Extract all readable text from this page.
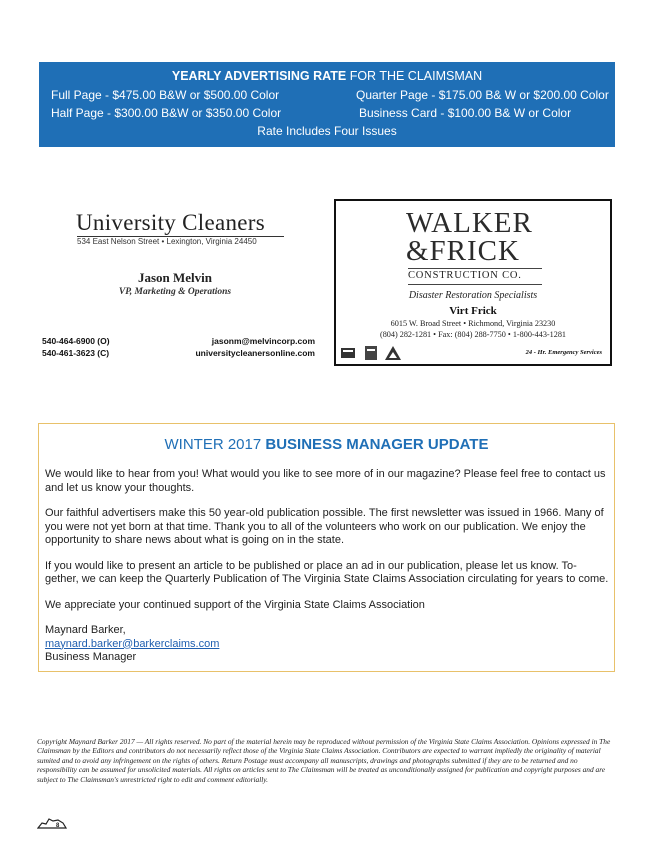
YEARLY ADVERTISING RATE FOR THE CLAIMSMAN
Full Page - $475.00 B&W or $500.00 Color	Quarter Page - $175.00 B& W or $200.00 Color
Half Page - $300.00 B&W or $350.00 Color	Business Card - $100.00 B& W or Color
Rate Includes Four Issues
University Cleaners
534 East Nelson Street • Lexington, Virginia 24450
Jason Melvin
VP, Marketing & Operations
540-464-6900 (O)
540-461-3623 (C)
jasonm@melvincorp.com
universitycleanersonline.com
WALKER
&FRICK
CONSTRUCTION CO.
Disaster Restoration Specialists
Virt Frick
6015 W. Broad Street • Richmond, Virginia 23230
(804) 282-1281 • Fax: (804) 288-7750 • 1-800-443-1281
24 - Hr. Emergency Services
WINTER 2017 BUSINESS MANAGER UPDATE

We would like to hear from you! What would you like to see more of in our magazine? Please feel free to contact us and let us know your thoughts.

Our faithful advertisers make this 50 year-old publication possible. The first newsletter was issued in 1966. Many of you were not yet born at that time. Thank you to all of the volunteers who work on our publication. We enjoy the opportunity to share news about what is going on in the state.

If you would like to present an article to be published or place an ad in our publication, please let us know. To-gether, we can keep the Quarterly Publication of The Virginia State Claims Association circulating for years to come.

We appreciate your continued support of the Virginia State Claims Association

Maynard Barker,
maynard.barker@barkerclaims.com
Business Manager
Copyright Maynard Barker 2017 — All rights reserved. No part of the material herein may be reproduced without permission of the Virginia State Claims Association. Opinions expressed in The Claimsman by the Editors and contributors do not necessarily reflect those of the Virginia State Claims Association. Contributors are expected to warrant impliedly the originality of material sumited and to avoid any infringement on the rights of others. Return Postage must accompany all manuscripts, drawings and photographs submitted if they are to be returned and no responsibility can be assumed for unsolicited materials. All rights on articles sent to The Claimsman will be treated as unconditionally assigned for publication and copyright purposes and are subject to The Claimsman's unrestricted right to edit and comment editorially.
8
